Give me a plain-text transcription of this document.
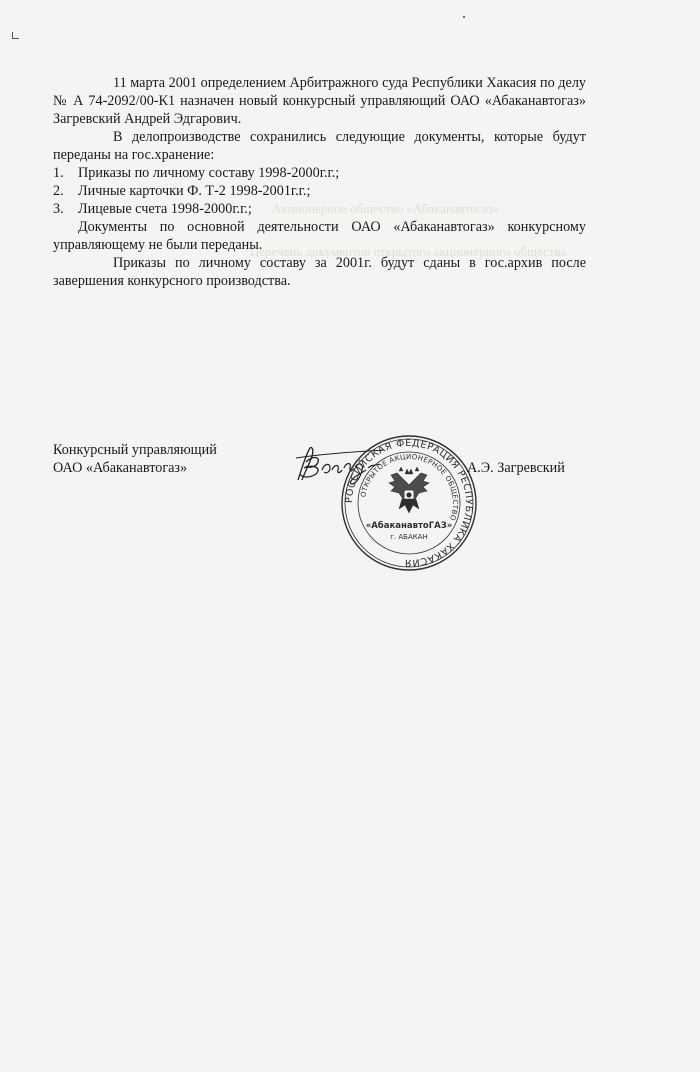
Акционерное общество «Абаканавтогаз»
Перечень документов открытого акционерного общества

11 марта 2001 определением Арбитражного суда Республики Хакасия по делу № А 74-2092/00-К1 назначен новый конкурсный управляющий ОАО «Абаканавтогаз» Загревский Андрей Эдгарович.

В делопроизводстве сохранились следующие документы, которые будут переданы на гос.хранение:

1. Приказы по личному составу 1998-2000г.г.;
2. Личные карточки Ф. Т-2 1998-2001г.г.;
3. Лицевые счета 1998-2000г.г.;

Документы по основной деятельности ОАО «Абаканавтогаз» конкурсному управляющему не были переданы.

Приказы по личному составу за 2001г. будут сданы в гос.архив после завершения конкурсного производства.

Конкурсный управляющий
ОАО «Абаканавтогаз»
РОССИЙСКАЯ ФЕДЕРАЦИЯ РЕСПУБЛИКА ХАКАСИЯ
ОТКРЫТОЕ АКЦИОНЕРНОЕ ОБЩЕСТВО
«АбаканавтоГАЗ»
г. АБАКАН
А.Э. Загревский
